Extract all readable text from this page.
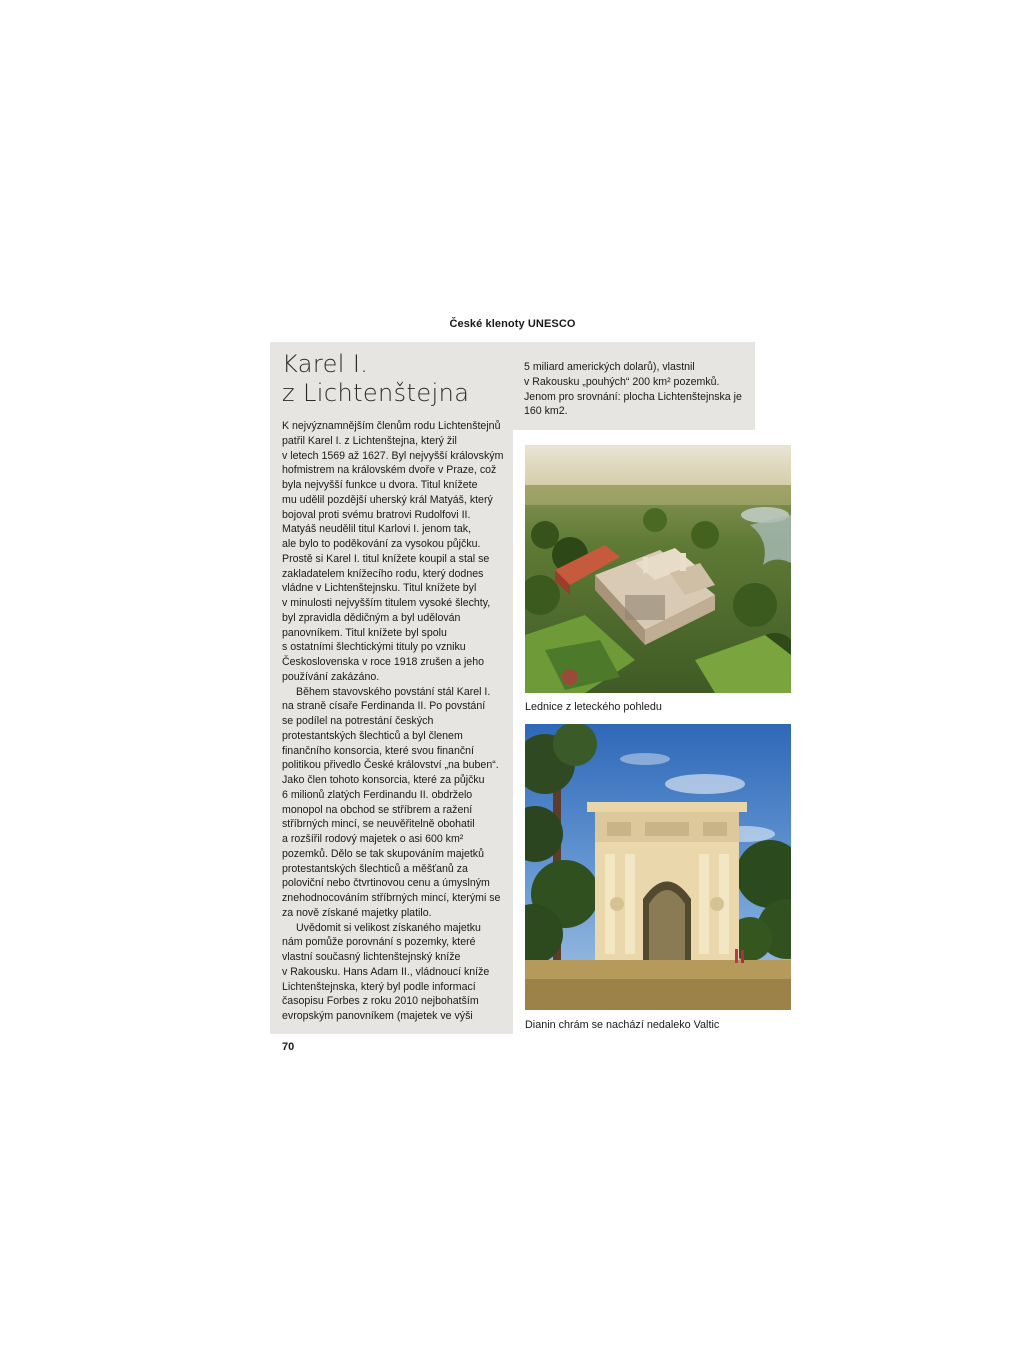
České klenoty UNESCO
Karel I.
z Lichtenštejna
K nejvýznamnějším členům rodu Lichtenštejnů
patřil Karel I. z Lichtenštejna, který žil
v letech 1569 až 1627. Byl nejvyšší královským
hofmistrem na královském dvoře v Praze, což
byla nejvyšší funkce u dvora. Titul knížete
mu udělil pozdější uherský král Matyáš, který
bojoval proti svému bratrovi Rudolfovi II.
Matyáš neudělil titul Karlovi I. jenom tak,
ale bylo to poděkování za vysokou půjčku.
Prostě si Karel I. titul knížete koupil a stal se
zakladatelem knížecího rodu, který dodnes
vládne v Lichtenštejnsku. Titul knížete byl
v minulosti nejvyšším titulem vysoké šlechty,
byl zpravidla dědičným a byl udělován
panovníkem. Titul knížete byl spolu
s ostatními šlechtickými tituly po vzniku
Československa v roce 1918 zrušen a jeho
používání zakázáno.
Během stavovského povstání stál Karel I.
na straně císaře Ferdinanda II. Po povstání
se podílel na potrestání českých
protestantských šlechticů a byl členem
finančního konsorcia, které svou finanční
politikou přivedlo České království „na buben“.
Jako člen tohoto konsorcia, které za půjčku
6 milionů zlatých Ferdinandu II. obdrželo
monopol na obchod se stříbrem a ražení
stříbrných mincí, se neuvěřitelně obohatil
a rozšířil rodový majetek o asi 600 km²
pozemků. Dělo se tak skupováním majetků
protestantských šlechticů a měšťanů za
poloviční nebo čtvrtinovou cenu a úmyslným
znehodnocováním stříbrných mincí, kterými se
za nově získané majetky platilo.
Uvědomit si velikost získaného majetku
nám pomůže porovnání s pozemky, které
vlastní současný lichtenštejnský kníže
v Rakousku. Hans Adam II., vládnoucí kníže
Lichtenštejnska, který byl podle informací
časopisu Forbes z roku 2010 nejbohatším
evropským panovníkem (majetek ve výši
5 miliard amerických dolarů), vlastnil
v Rakousku „pouhých“ 200 km² pozemků.
Jenom pro srovnání: plocha Lichtenštejnska je
160 km2.
Lednice z leteckého pohledu
Dianin chrám se nachází nedaleko Valtic
70
